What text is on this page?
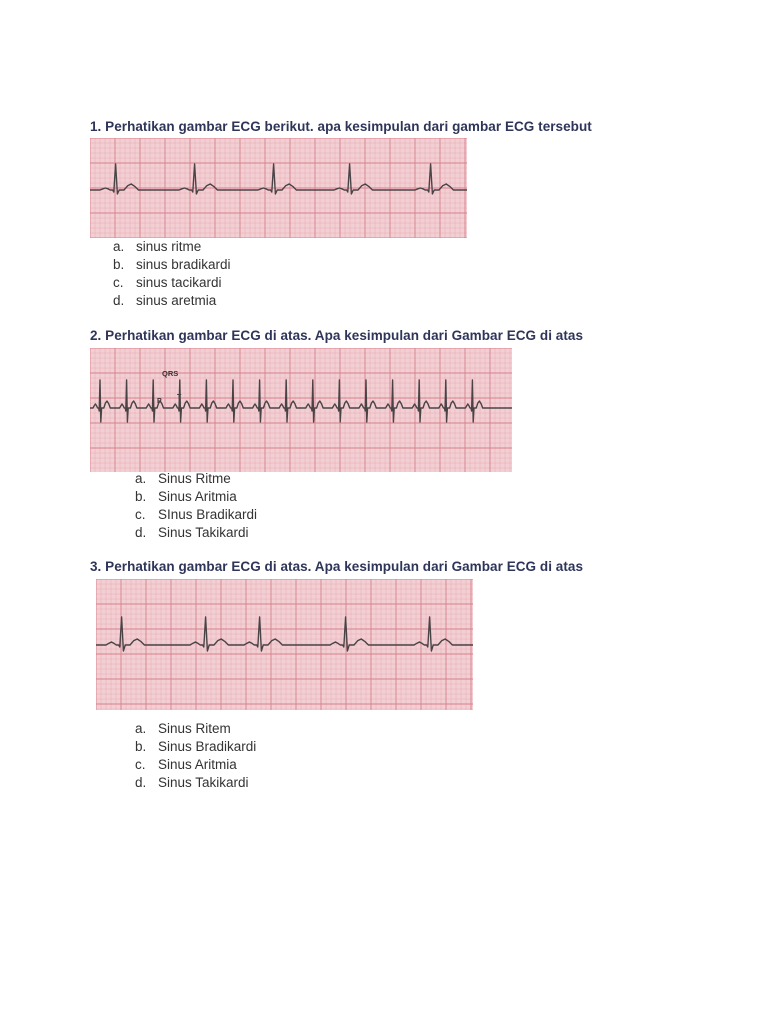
1. Perhatikan gambar ECG berikut. apa kesimpulan dari gambar ECG tersebut
a. sinus ritme
b. sinus bradikardi
c. sinus tacikardi
d. sinus aretmia
2. Perhatikan gambar ECG di atas. Apa kesimpulan dari Gambar ECG di atas
QRS
P
T
a. Sinus Ritme
b. Sinus Aritmia
c. SInus Bradikardi
d. Sinus Takikardi
3. Perhatikan gambar ECG di atas. Apa kesimpulan dari Gambar ECG di atas
a. Sinus Ritem
b. Sinus Bradikardi
c. Sinus Aritmia
d. Sinus Takikardi
